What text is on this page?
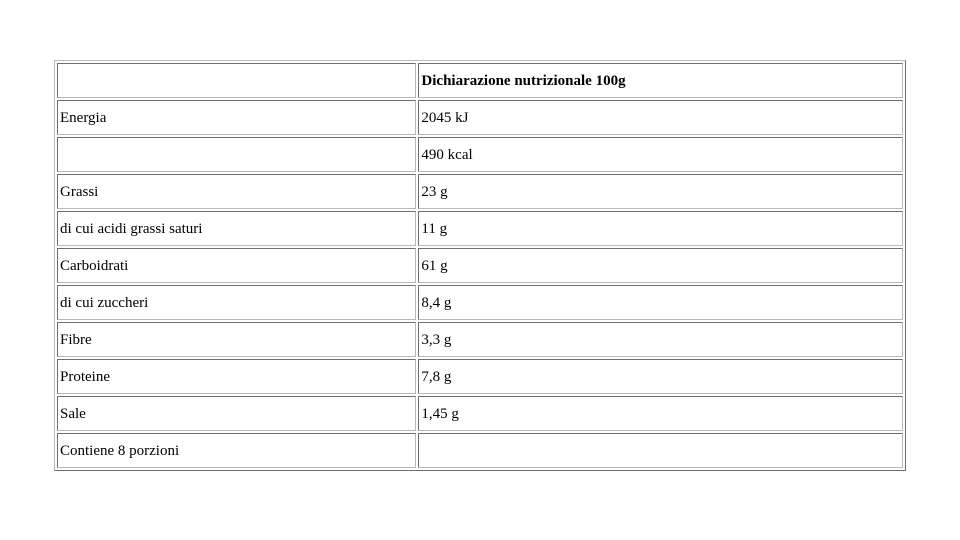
	Dichiarazione nutrizionale 100g
Energia	2045 kJ
	490 kcal
Grassi	23 g
di cui acidi grassi saturi	11 g
Carboidrati	61 g
di cui zuccheri	8,4 g
Fibre	3,3 g
Proteine	7,8 g
Sale	1,45 g
Contiene 8 porzioni	
